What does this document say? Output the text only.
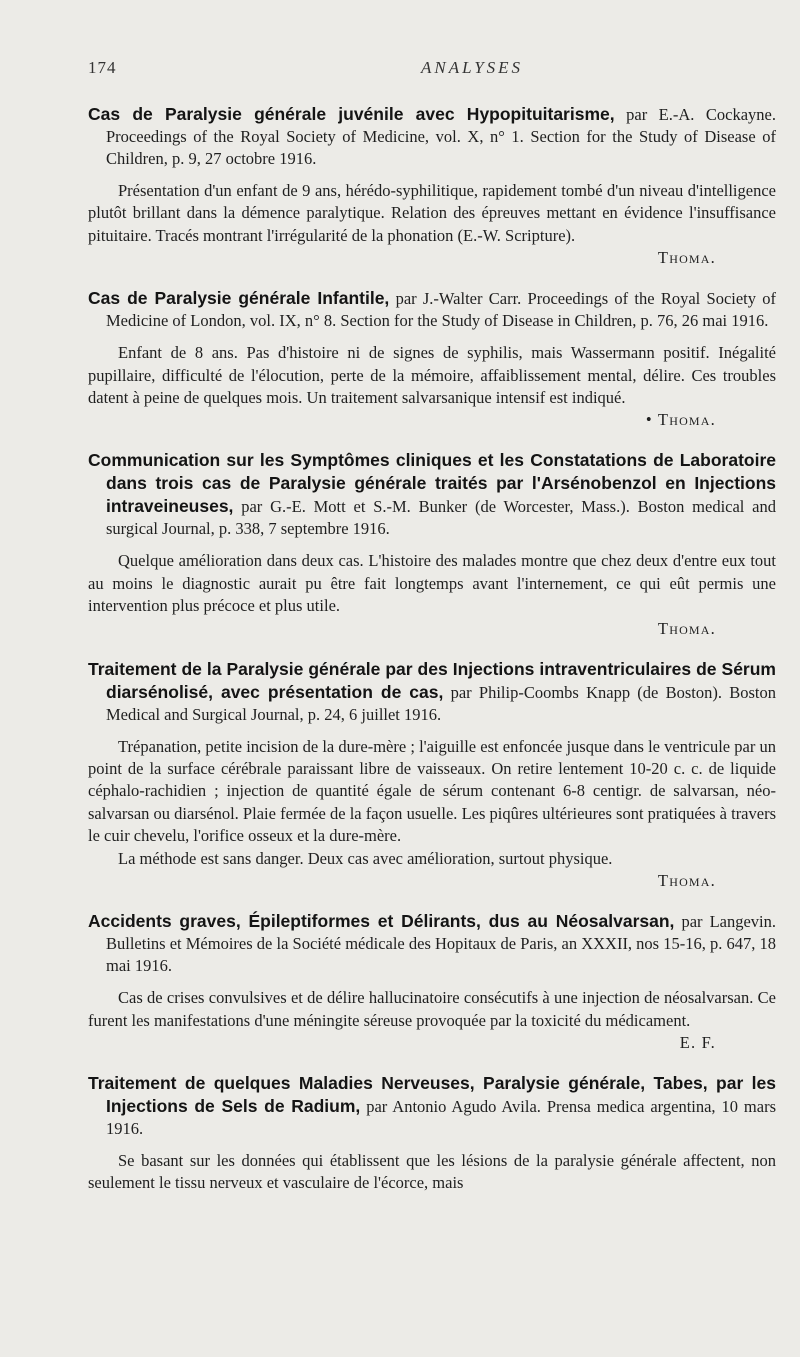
174	ANALYSES

Cas de Paralysie générale juvénile avec Hypopituitarisme, par E.-A. Cockayne. Proceedings of the Royal Society of Medicine, vol. X, n° 1. Section for the Study of Disease of Children, p. 9, 27 octobre 1916.

Présentation d'un enfant de 9 ans, hérédo-syphilitique, rapidement tombé d'un niveau d'intelligence plutôt brillant dans la démence paralytique. Relation des épreuves mettant en évidence l'insuffisance pituitaire. Tracés montrant l'irrégularité de la phonation (E.-W. Scripture).

Thoma.

Cas de Paralysie générale Infantile, par J.-Walter Carr. Proceedings of the Royal Society of Medicine of London, vol. IX, n° 8. Section for the Study of Disease in Children, p. 76, 26 mai 1916.

Enfant de 8 ans. Pas d'histoire ni de signes de syphilis, mais Wassermann positif. Inégalité pupillaire, difficulté de l'élocution, perte de la mémoire, affaiblissement mental, délire. Ces troubles datent à peine de quelques mois. Un traitement salvarsanique intensif est indiqué.

• Thoma.

Communication sur les Symptômes cliniques et les Constatations de Laboratoire dans trois cas de Paralysie générale traités par l'Arsénobenzol en Injections intraveineuses, par G.-E. Mott et S.-M. Bunker (de Worcester, Mass.). Boston medical and surgical Journal, p. 338, 7 septembre 1916.

Quelque amélioration dans deux cas. L'histoire des malades montre que chez deux d'entre eux tout au moins le diagnostic aurait pu être fait longtemps avant l'internement, ce qui eût permis une intervention plus précoce et plus utile.

Thoma.

Traitement de la Paralysie générale par des Injections intraventriculaires de Sérum diarsénolisé, avec présentation de cas, par Philip-Coombs Knapp (de Boston). Boston Medical and Surgical Journal, p. 24, 6 juillet 1916.

Trépanation, petite incision de la dure-mère ; l'aiguille est enfoncée jusque dans le ventricule par un point de la surface cérébrale paraissant libre de vaisseaux. On retire lentement 10-20 c. c. de liquide céphalo-rachidien ; injection de quantité égale de sérum contenant 6-8 centigr. de salvarsan, néo-salvarsan ou diarsénol. Plaie fermée de la façon usuelle. Les piqûres ultérieures sont pratiquées à travers le cuir chevelu, l'orifice osseux et la dure-mère.

La méthode est sans danger. Deux cas avec amélioration, surtout physique.

Thoma.

Accidents graves, Épileptiformes et Délirants, dus au Néosalvarsan, par Langevin. Bulletins et Mémoires de la Société médicale des Hopitaux de Paris, an XXXII, nos 15-16, p. 647, 18 mai 1916.

Cas de crises convulsives et de délire hallucinatoire consécutifs à une injection de néosalvarsan. Ce furent les manifestations d'une méningite séreuse provoquée par la toxicité du médicament.

E. F.

Traitement de quelques Maladies Nerveuses, Paralysie générale, Tabes, par les Injections de Sels de Radium, par Antonio Agudo Avila. Prensa medica argentina, 10 mars 1916.

Se basant sur les données qui établissent que les lésions de la paralysie générale affectent, non seulement le tissu nerveux et vasculaire de l'écorce, mais
